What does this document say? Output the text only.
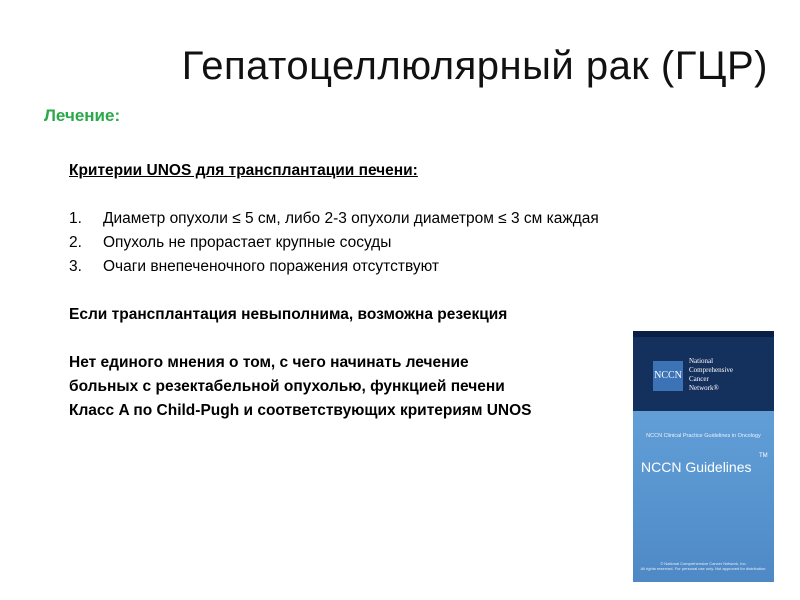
Гепатоцеллюлярный рак (ГЦР)
Лечение:
Критерии UNOS для трансплантации печени:
1.	Диаметр опухоли ≤ 5 см, либо 2-3 опухоли диаметром ≤ 3 см каждая
2.	Опухоль не прорастает крупные сосуды
3.	Очаги внепеченочного поражения отсутствуют
Если трансплантация невыполнима, возможна резекция
Нет единого мнения о том, с чего начинать лечение
больных с резектабельной опухолью, функцией печени
Класс A по Child-Pugh и соответствующих критериям UNOS
NCCN
National
Comprehensive
Cancer
Network®
NCCN Clinical Practice Guidelines in Oncology
NCCN Guidelines
TM
© National Comprehensive Cancer Network, Inc.
All rights reserved. For personal use only. Not approved for distribution.
